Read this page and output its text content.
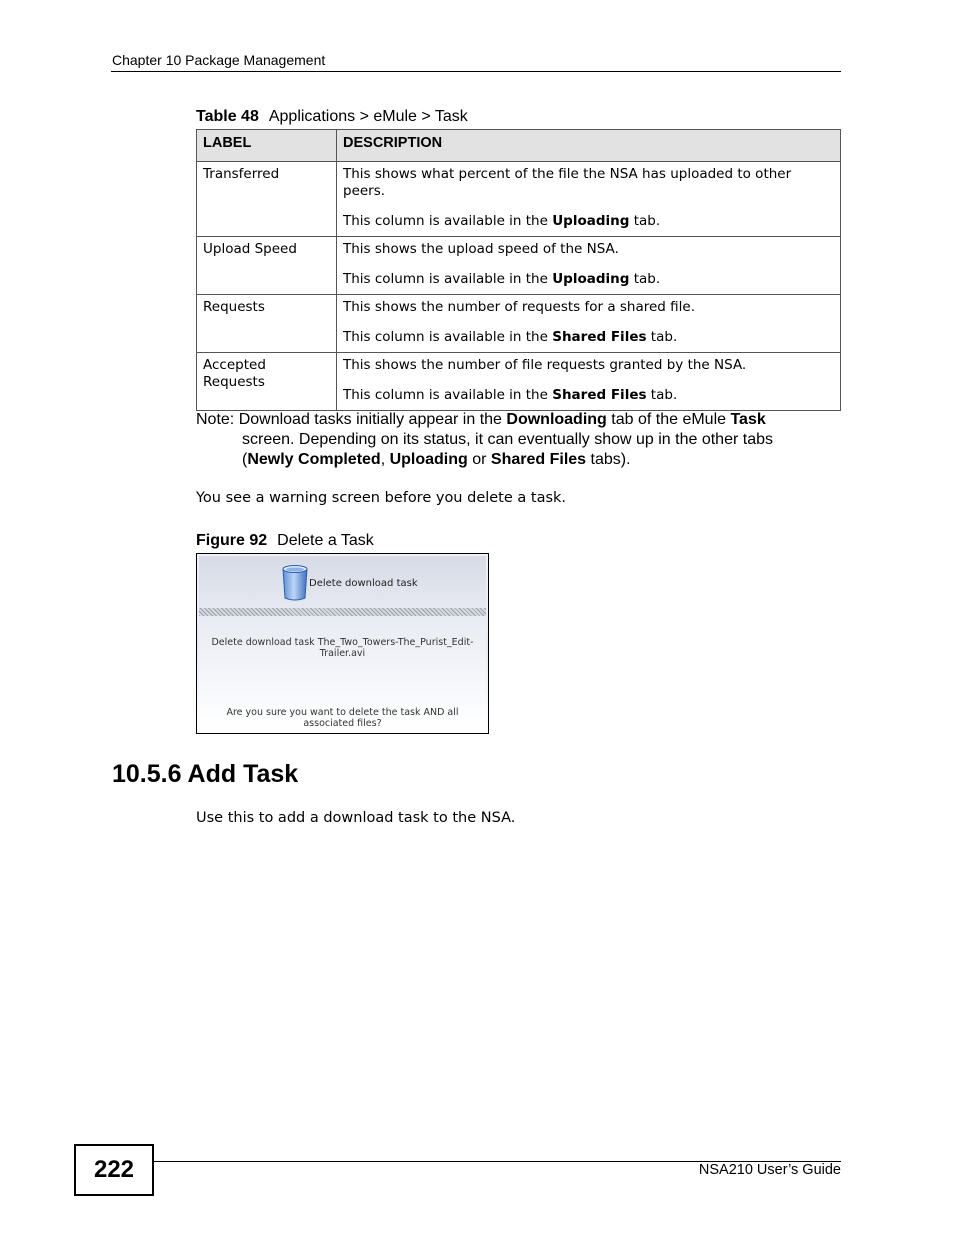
Chapter 10 Package Management
Table 48 Applications > eMule > Task
LABEL	DESCRIPTION
Transferred	This shows what percent of the file the NSA has uploaded to other peers.

This column is available in the Uploading tab.

Upload Speed	This shows the upload speed of the NSA.

This column is available in the Uploading tab.

Requests	This shows the number of requests for a shared file.

This column is available in the Shared Files tab.

Accepted Requests	This shows the number of file requests granted by the NSA.

This column is available in the Shared Files tab.

Note: Download tasks initially appear in the Downloading tab of the eMule Task
screen. Depending on its status, it can eventually show up in the other tabs (Newly Completed, Uploading or Shared Files tabs).
You see a warning screen before you delete a task.
Figure 92 Delete a Task
Delete download task
Delete download task The_Two_Towers-The_Purist_Edit-Trailer.avi
Are you sure you want to delete the task AND all associated files?
10.5.6 Add Task
Use this to add a download task to the NSA.
222	NSA210 User’s Guide
